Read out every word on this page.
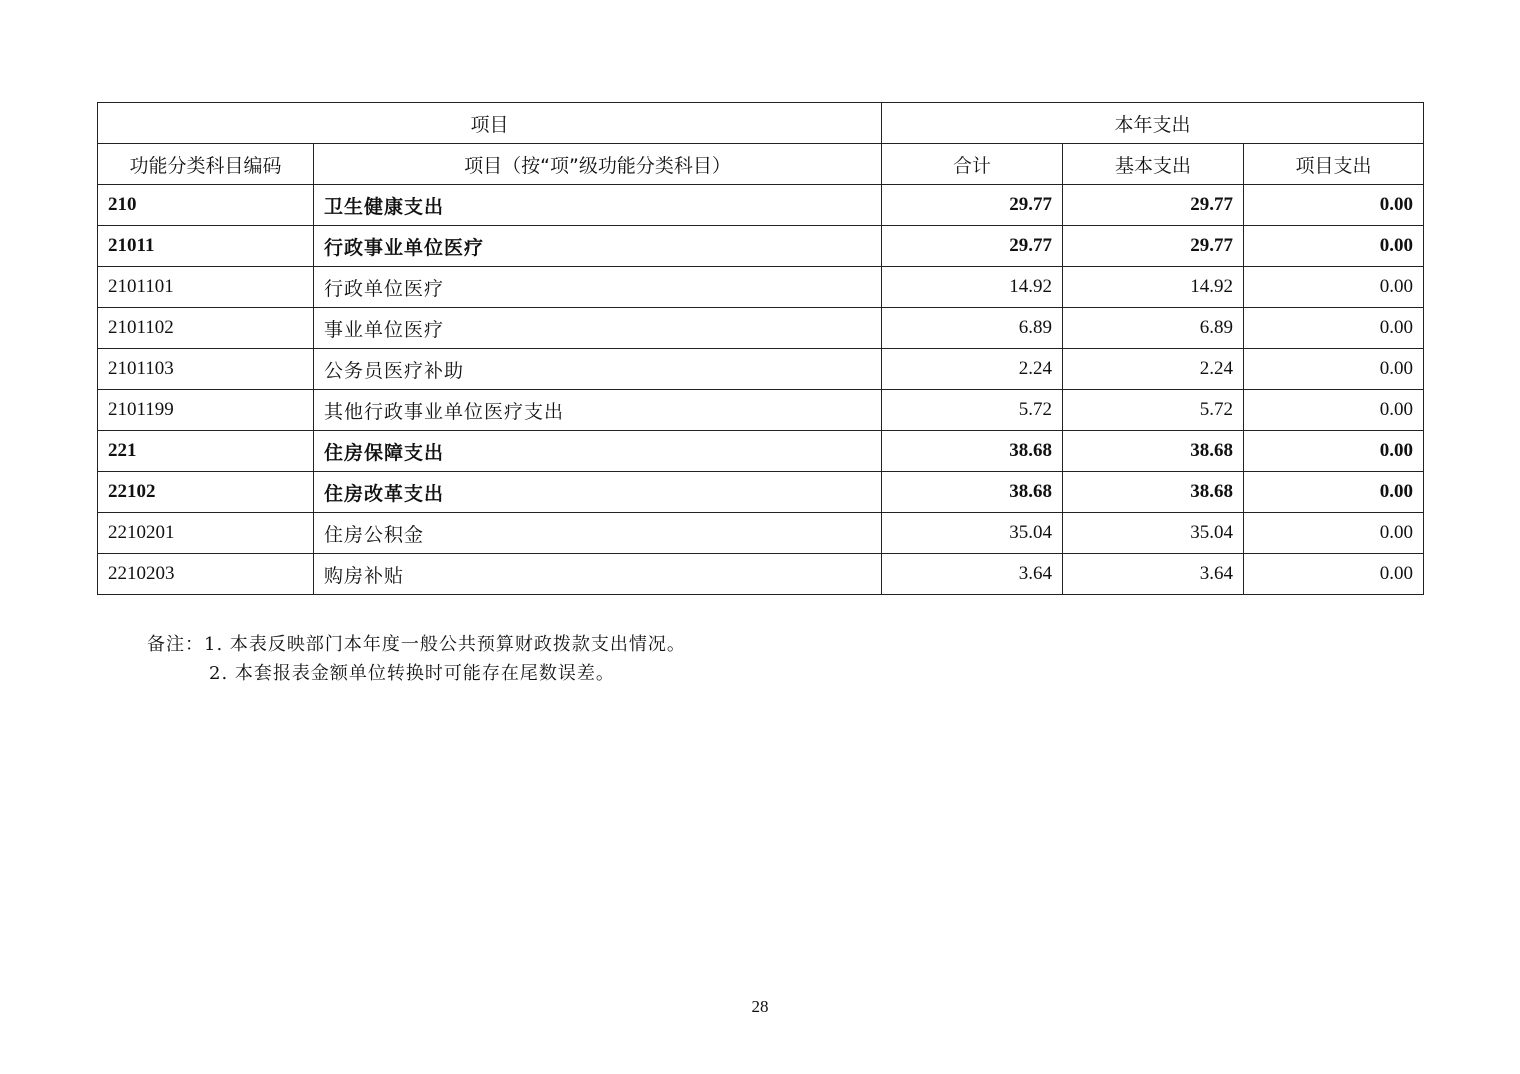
项目		本年支出		
功能分类科目编码	项目（按“项”级功能分类科目）	合计	基本支出	项目支出
210	卫生健康支出	29.77	29.77	0.00
21011	行政事业单位医疗	29.77	29.77	0.00
2101101	行政单位医疗	14.92	14.92	0.00
2101102	事业单位医疗	6.89	6.89	0.00
2101103	公务员医疗补助	2.24	2.24	0.00
2101199	其他行政事业单位医疗支出	5.72	5.72	0.00
221	住房保障支出	38.68	38.68	0.00
22102	住房改革支出	38.68	38.68	0.00
2210201	住房公积金	35.04	35.04	0.00
2210203	购房补贴	3.64	3.64	0.00
备注：1. 本表反映部门本年度一般公共预算财政拨款支出情况。
2. 本套报表金额单位转换时可能存在尾数误差。
28
